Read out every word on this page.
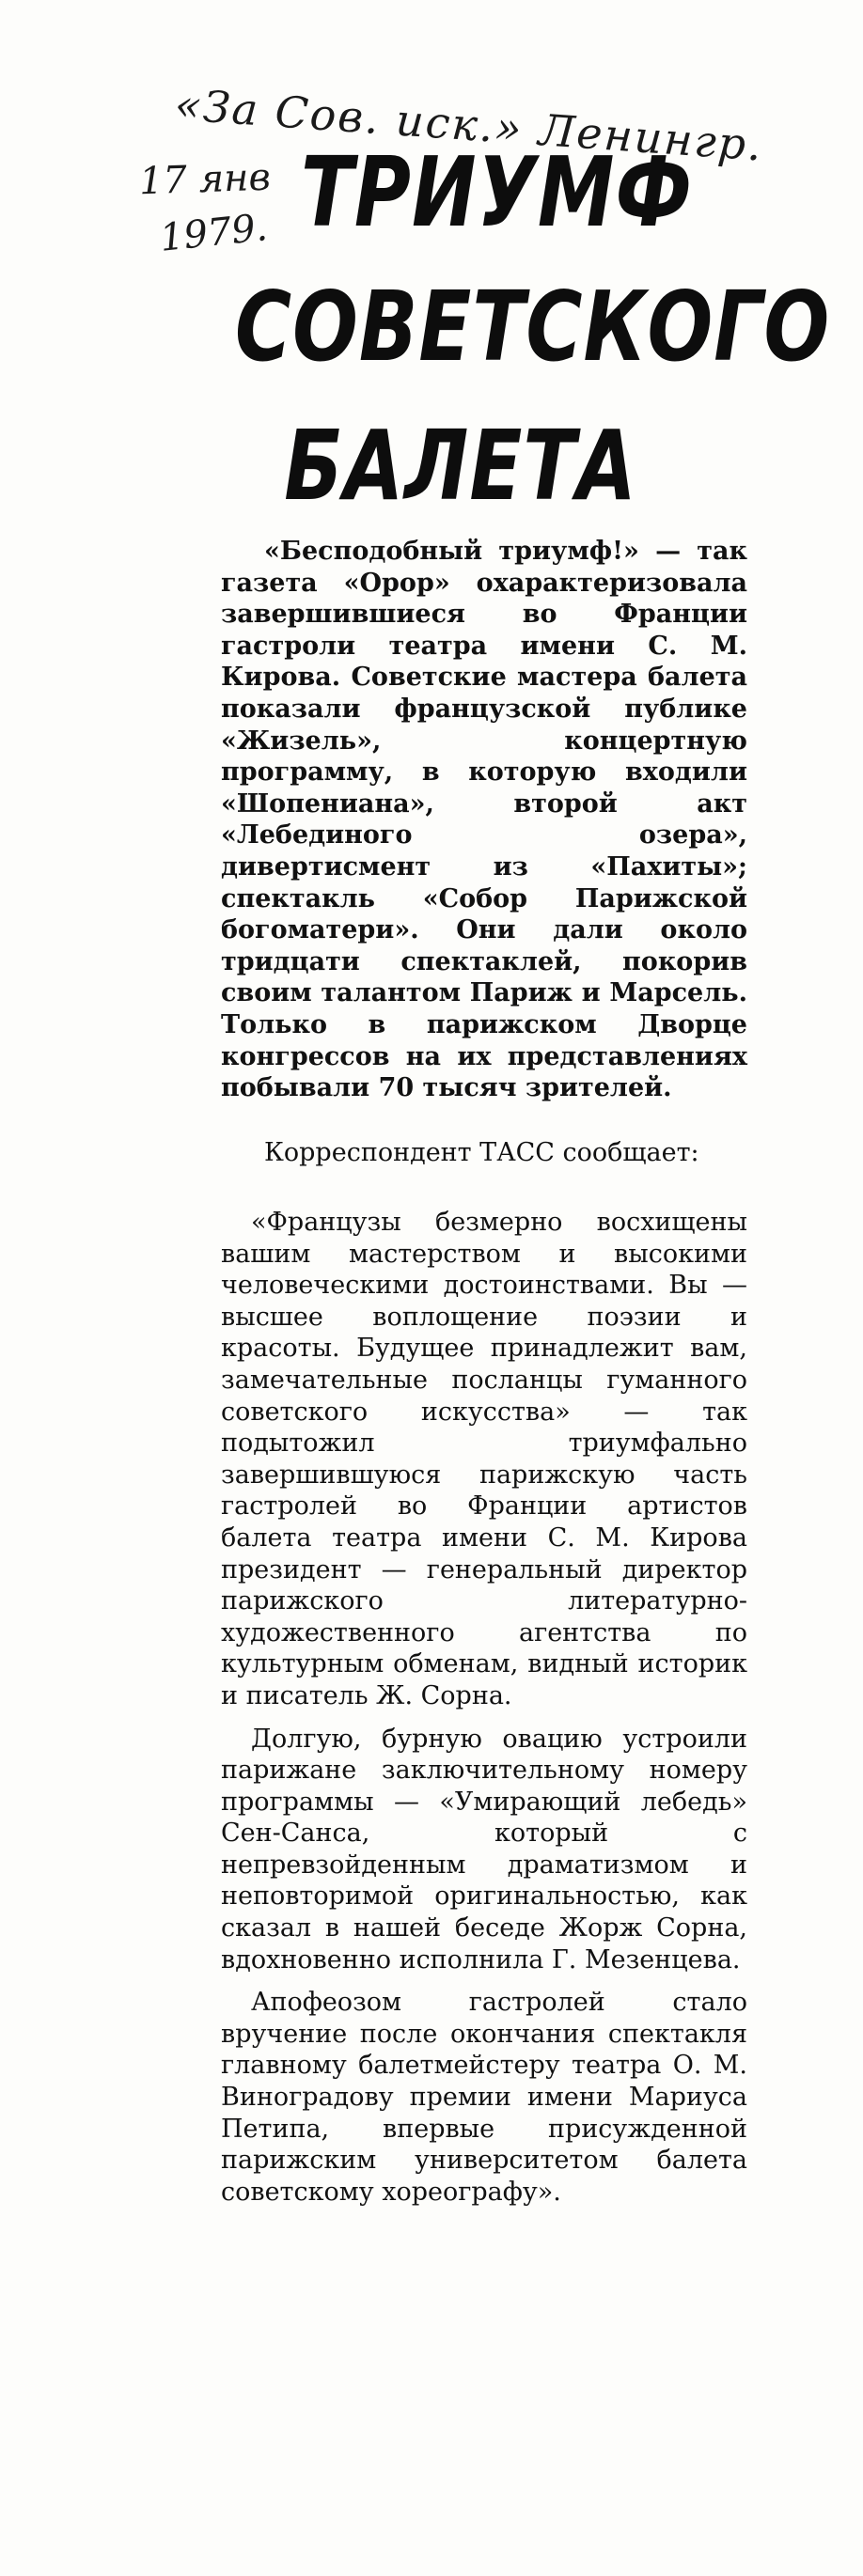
«За Сов. иск.» Ленингр.
17 янв
1979. ТРИУМФ
СОВЕТСКОГО
БАЛЕТА

«Бесподобный триумф!» — так газета «Орор» охарактеризовала завершившиеся во Франции гастроли театра имени С. М. Кирова. Советские мастера балета показали французской публике «Жизель», концертную программу, в которую входили «Шопениана», второй акт «Лебединого озера», дивертисмент из «Пахиты»; спектакль «Собор Парижской богоматери». Они дали около тридцати спектаклей, покорив своим талантом Париж и Марсель. Только в парижском Дворце конгрессов на их представлениях побывали 70 тысяч зрителей.

Корреспондент ТАСС сообщает:

«Французы безмерно восхищены вашим мастерством и высокими человеческими достоинствами. Вы — высшее воплощение поэзии и красоты. Будущее принадлежит вам, замечательные посланцы гуманного советского искусства» — так подытожил триумфально завершившуюся парижскую часть гастролей во Франции артистов балета театра имени С. М. Кирова президент — генеральный директор парижского литературно-художественного агентства по культурным обменам, видный историк и писатель Ж. Сорна.

Долгую, бурную овацию устроили парижане заключительному номеру программы — «Умирающий лебедь» Сен-Санса, который с непревзойденным драматизмом и неповторимой оригинальностью, как сказал в нашей беседе Жорж Сорна, вдохновенно исполнила Г. Мезенцева.

Апофеозом гастролей стало вручение после окончания спектакля главному балетмейстеру театра О. М. Виноградову премии имени Мариуса Петипа, впервые присужденной парижским университетом балета советскому хореографу».
